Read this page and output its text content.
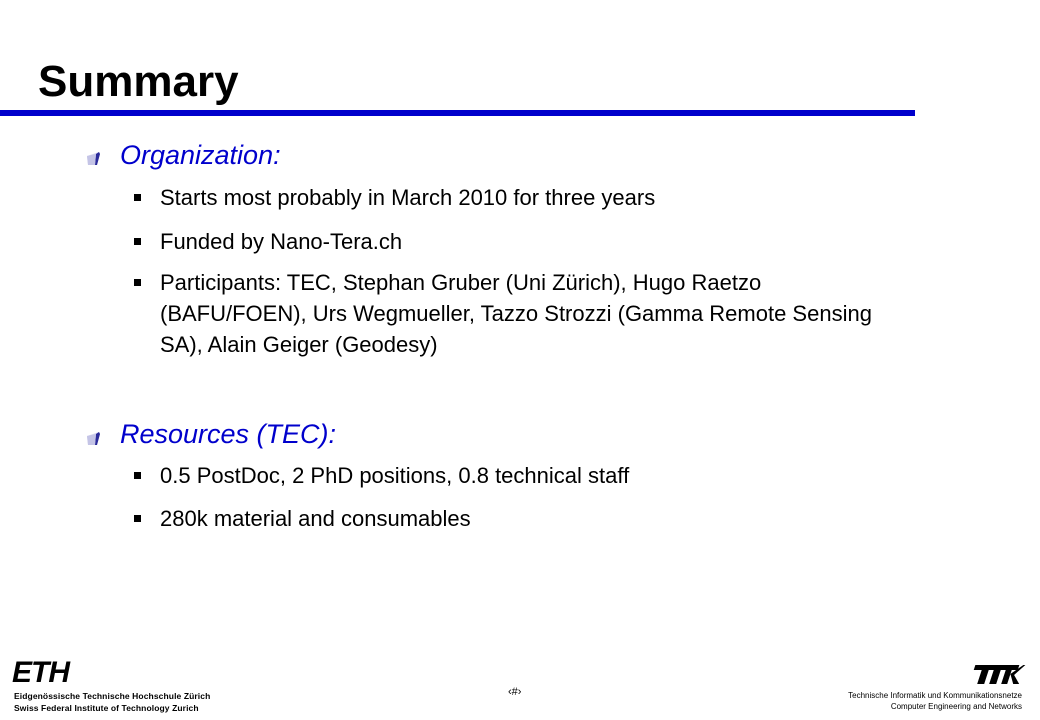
Summary
Organization:
Starts most probably in March 2010 for three years
Funded by Nano-Tera.ch
Participants: TEC, Stephan Gruber (Uni Zürich), Hugo Raetzo (BAFU/FOEN), Urs Wegmueller, Tazzo Strozzi (Gamma Remote Sensing SA), Alain Geiger (Geodesy)
Resources (TEC):
0.5 PostDoc, 2 PhD positions, 0.8 technical staff
280k material and consumables
ETH
Eidgenössische Technische Hochschule Zürich
Swiss Federal Institute of Technology Zurich
‹#›
TIK
Technische Informatik und Kommunikationsnetze
Computer Engineering and Networks
